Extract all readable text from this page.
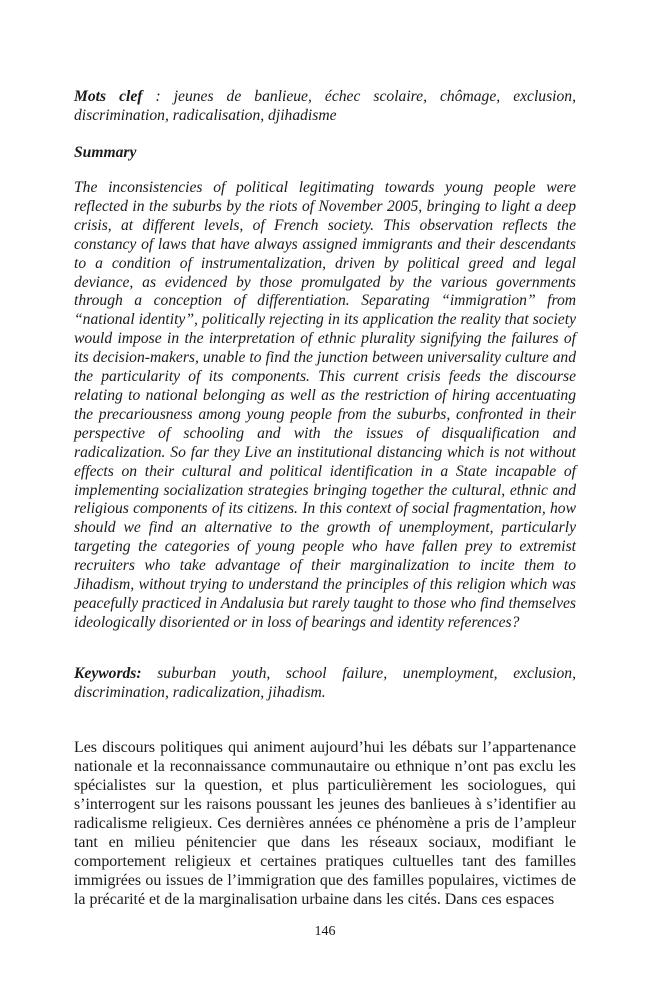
Mots clef : jeunes de banlieue, échec scolaire, chômage, exclusion, discrimination, radicalisation, djihadisme

Summary

The inconsistencies of political legitimating towards young people were reflected in the suburbs by the riots of November 2005, bringing to light a deep crisis, at different levels, of French society. This observation reflects the constancy of laws that have always assigned immigrants and their descendants to a condition of instrumentalization, driven by political greed and legal deviance, as evidenced by those promulgated by the various governments through a conception of differentiation. Separating “immigration” from “national identity”, politically rejecting in its application the reality that society would impose in the interpretation of ethnic plurality signifying the failures of its decision-makers, unable to find the junction between universality culture and the particularity of its components. This current crisis feeds the discourse relating to national belonging as well as the restriction of hiring accentuating the precariousness among young people from the suburbs, confronted in their perspective of schooling and with the issues of disqualification and radicalization. So far they Live an institutional distancing which is not without effects on their cultural and political identification in a State incapable of implementing socialization strategies bringing together the cultural, ethnic and religious components of its citizens. In this context of social fragmentation, how should we find an alternative to the growth of unemployment, particularly targeting the categories of young people who have fallen prey to extremist recruiters who take advantage of their marginalization to incite them to Jihadism, without trying to understand the principles of this religion which was peacefully practiced in Andalusia but rarely taught to those who find themselves ideologically disoriented or in loss of bearings and identity references?

Keywords: suburban youth, school failure, unemployment, exclusion, discrimination, radicalization, jihadism.

Les discours politiques qui animent aujourd’hui les débats sur l’appartenance nationale et la reconnaissance communautaire ou ethnique n’ont pas exclu les spécialistes sur la question, et plus particulièrement les sociologues, qui s’interrogent sur les raisons poussant les jeunes des banlieues à s’identifier au radicalisme religieux. Ces dernières années ce phénomène a pris de l’ampleur tant en milieu pénitencier que dans les réseaux sociaux, modifiant le comportement religieux et certaines pratiques cultuelles tant des familles immigrées ou issues de l’immigration que des familles populaires, victimes de la précarité et de la marginalisation urbaine dans les cités. Dans ces espaces

146
